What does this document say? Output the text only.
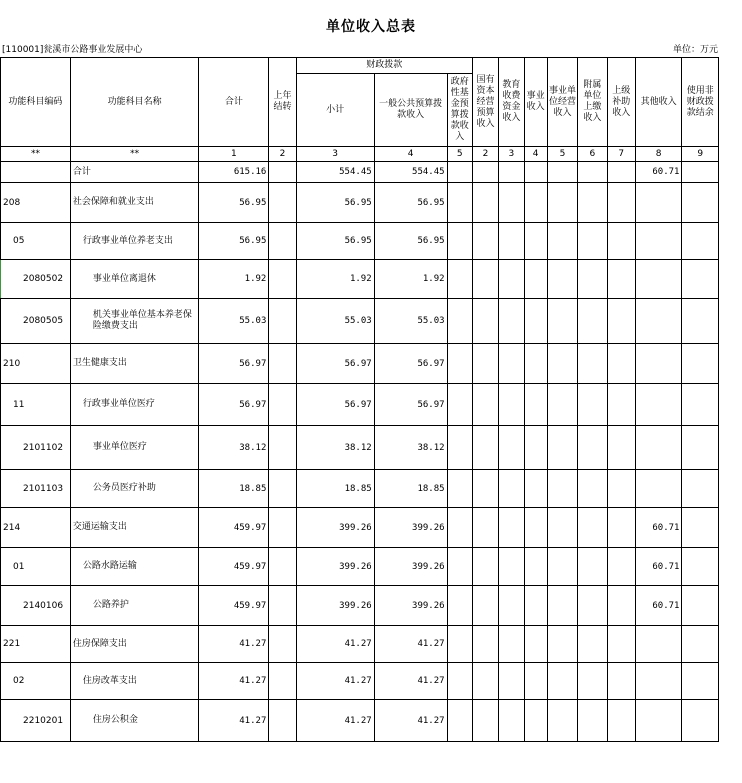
单位收入总表
[110001]瓮溪市公路事业发展中心	单位：万元
功能科目编码	功能科目名称	合计	上年结转	财政拨款			国有资本经营预算收入	教育收费资金收入	事业收入	事业单位经营收入	附属单位上缴收入	上级补助收入	其他收入	使用非财政拨款结余
				小计	一般公共预算拨款收入	政府性基金预算拨款收入								
**	**	1	2	3	4	5	2	3	4	5	6	7	8	9
	合计	615.16		554.45	554.45								60.71	
208	社会保障和就业支出	56.95		56.95	56.95									
05	行政事业单位养老支出	56.95		56.95	56.95									
2080502	事业单位离退休	1.92		1.92	1.92									
2080505	机关事业单位基本养老保险缴费支出	55.03		55.03	55.03									
210	卫生健康支出	56.97		56.97	56.97									
11	行政事业单位医疗	56.97		56.97	56.97									
2101102	事业单位医疗	38.12		38.12	38.12									
2101103	公务员医疗补助	18.85		18.85	18.85									
214	交通运输支出	459.97		399.26	399.26								60.71	
01	公路水路运输	459.97		399.26	399.26								60.71	
2140106	公路养护	459.97		399.26	399.26								60.71	
221	住房保障支出	41.27		41.27	41.27									
02	住房改革支出	41.27		41.27	41.27									
2210201	住房公积金	41.27		41.27	41.27									
